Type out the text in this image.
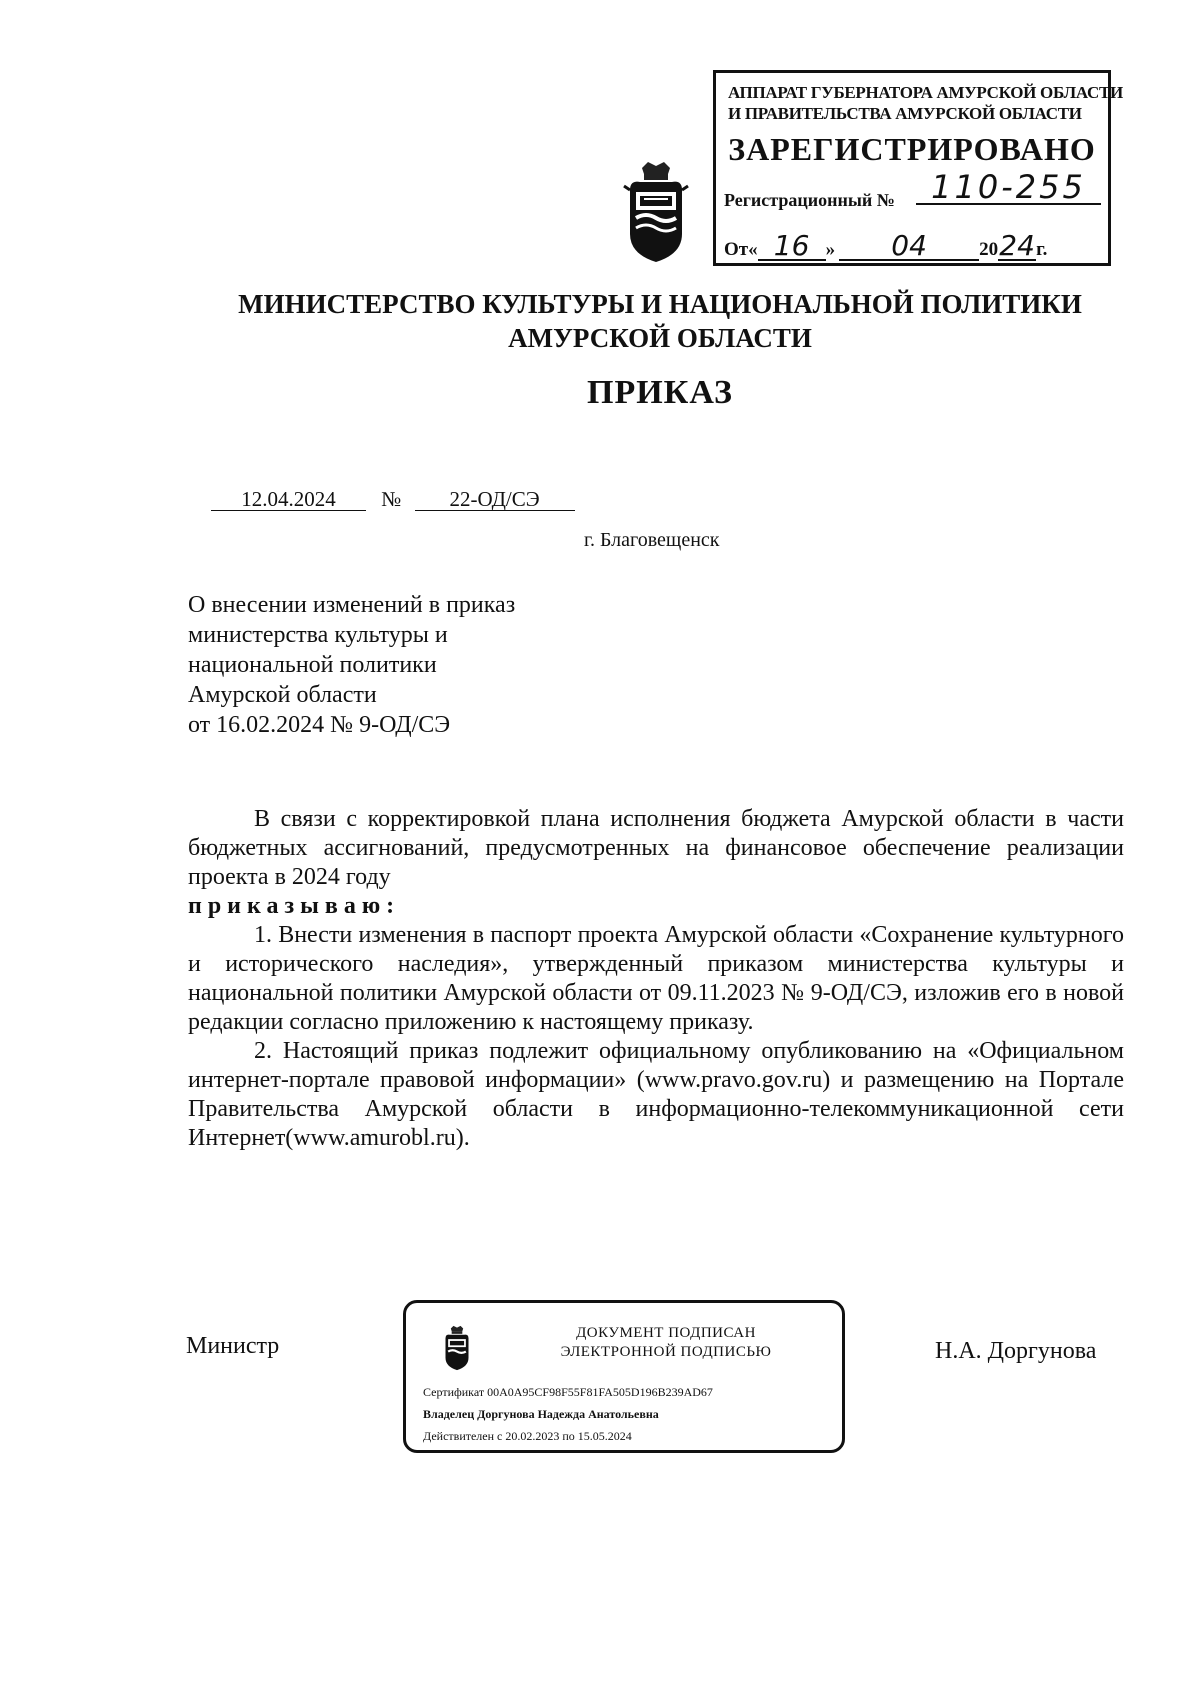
АППАРАТ ГУБЕРНАТОРА АМУРСКОЙ ОБЛАСТИ
И ПРАВИТЕЛЬСТВА АМУРСКОЙ ОБЛАСТИ
ЗАРЕГИСТРИРОВАНО
Регистрационный №	110-255
От« 16 » 04	2024г.
МИНИСТЕРСТВО КУЛЬТУРЫ И НАЦИОНАЛЬНОЙ ПОЛИТИКИ
АМУРСКОЙ ОБЛАСТИ
ПРИКАЗ
12.04.2024 № 22-ОД/СЭ
г. Благовещенск
О внесении изменений в приказ
министерства культуры и
национальной политики
Амурской области
от 16.02.2024 № 9-ОД/СЭ

В связи с корректировкой плана исполнения бюджета Амурской области в части бюджетных ассигнований, предусмотренных на финансовое обеспечение реализации проекта в 2024 году

приказываю:

1. Внести изменения в паспорт проекта Амурской области «Сохранение культурного и исторического наследия», утвержденный приказом министерства культуры и национальной политики Амурской области от 09.11.2023 № 9-ОД/СЭ, изложив его в новой редакции согласно приложению к настоящему приказу.

2. Настоящий приказ подлежит официальному опубликованию на «Официальном интернет-портале правовой информации» (www.pravo.gov.ru) и размещению на Портале Правительства Амурской области в информационно-телекоммуникационной сети Интернет(www.amurobl.ru).

Министр	Н.А. Доргунова
ДОКУМЕНТ ПОДПИСАН
ЭЛЕКТРОННОЙ ПОДПИСЬЮ
Сертификат 00A0A95CF98F55F81FA505D196B239AD67
Владелец Доргунова Надежда Анатольевна
Действителен с 20.02.2023 по 15.05.2024
